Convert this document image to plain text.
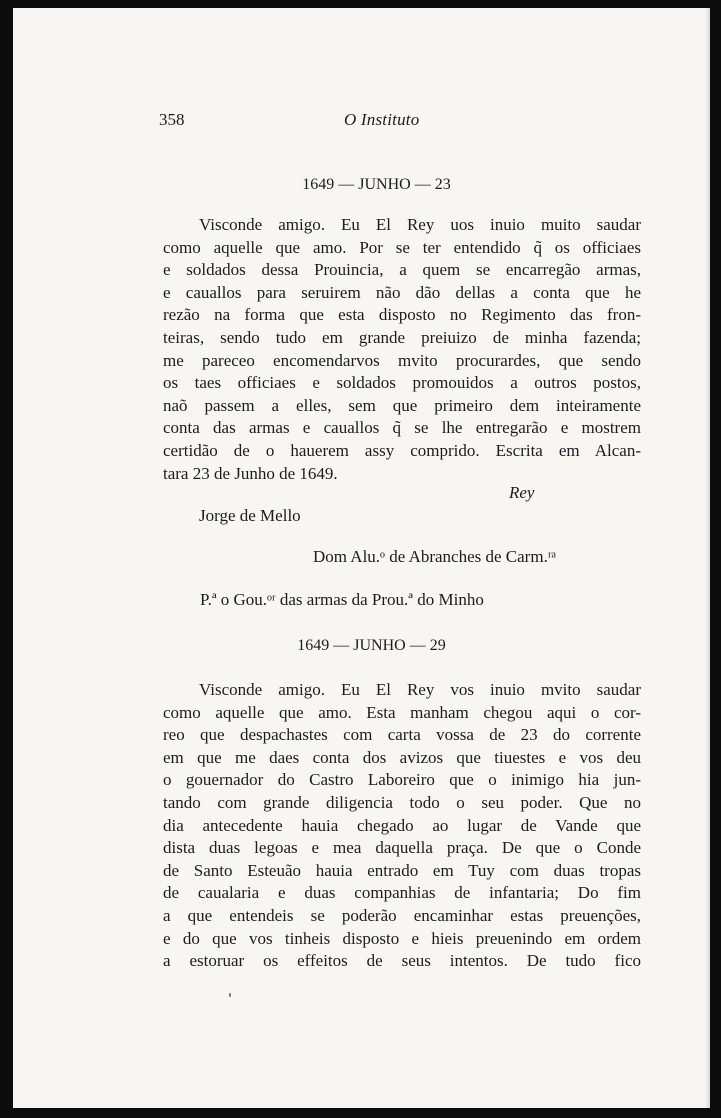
358	O Instituto
1649 — JUNHO — 23
Visconde amigo. Eu El Rey uos inuio muito saudar
como aquelle que amo. Por se ter entendido q̃ os officiaes
e soldados dessa Prouincia, a quem se encarregão armas,
e cauallos para seruirem não dão dellas a conta que he
rezão na forma que esta disposto no Regimento das fron-
teiras, sendo tudo em grande preiuizo de minha fazenda;
me pareceo encomendarvos mvito procurardes, que sendo
os taes officiaes e soldados promouidos a outros postos,
naõ passem a elles, sem que primeiro dem inteiramente
conta das armas e cauallos q̃ se lhe entregarão e mostrem
certidão de o hauerem assy comprido. Escrita em Alcan-
tara 23 de Junho de 1649.
Rey
Jorge de Mello
Dom Alu.ᵒ de Abranches de Carm.ʳᵃ
P.ª o Gou.ᵒʳ das armas da Prou.ª do Minho
1649 — JUNHO — 29
Visconde amigo. Eu El Rey vos inuio mvito saudar
como aquelle que amo. Esta manham chegou aqui o cor-
reo que despachastes com carta vossa de 23 do corrente
em que me daes conta dos avizos que tiuestes e vos deu
o gouernador do Castro Laboreiro que o inimigo hia jun-
tando com grande diligencia todo o seu poder. Que no
dia antecedente hauia chegado ao lugar de Vande que
dista duas legoas e mea daquella praça. De que o Conde
de Santo Esteuão hauia entrado em Tuy com duas tropas
de caualaria e duas companhias de infantaria; Do fim
a que entendeis se poderão encaminhar estas preuenções,
e do que vos tinheis disposto e hieis preuenindo em ordem
a estoruar os effeitos de seus intentos. De tudo fico
